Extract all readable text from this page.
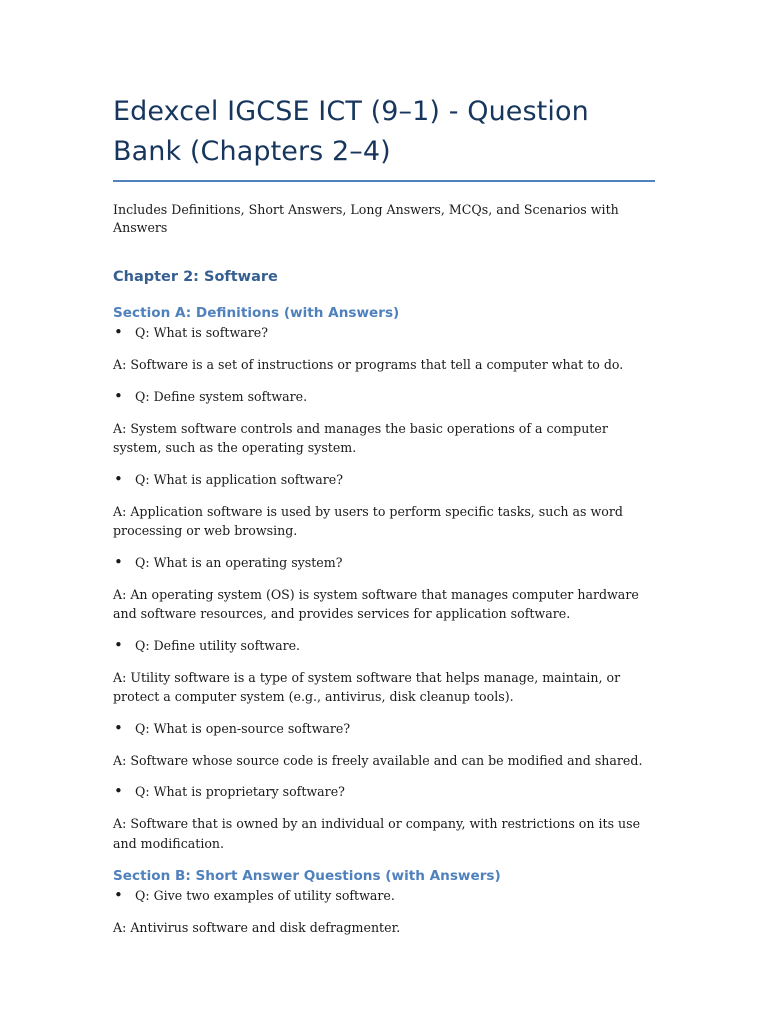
Edexcel IGCSE ICT (9–1) - Question Bank (Chapters 2–4)

Includes Definitions, Short Answers, Long Answers, MCQs, and Scenarios with Answers

Chapter 2: Software
Section A: Definitions (with Answers)
• Q: What is software?

A: Software is a set of instructions or programs that tell a computer what to do.

• Q: Define system software.

A: System software controls and manages the basic operations of a computer system, such as the operating system.

• Q: What is application software?

A: Application software is used by users to perform specific tasks, such as word processing or web browsing.

• Q: What is an operating system?

A: An operating system (OS) is system software that manages computer hardware and software resources, and provides services for application software.

• Q: Define utility software.

A: Utility software is a type of system software that helps manage, maintain, or protect a computer system (e.g., antivirus, disk cleanup tools).

• Q: What is open-source software?

A: Software whose source code is freely available and can be modified and shared.

• Q: What is proprietary software?

A: Software that is owned by an individual or company, with restrictions on its use and modification.

Section B: Short Answer Questions (with Answers)
• Q: Give two examples of utility software.

A: Antivirus software and disk defragmenter.
